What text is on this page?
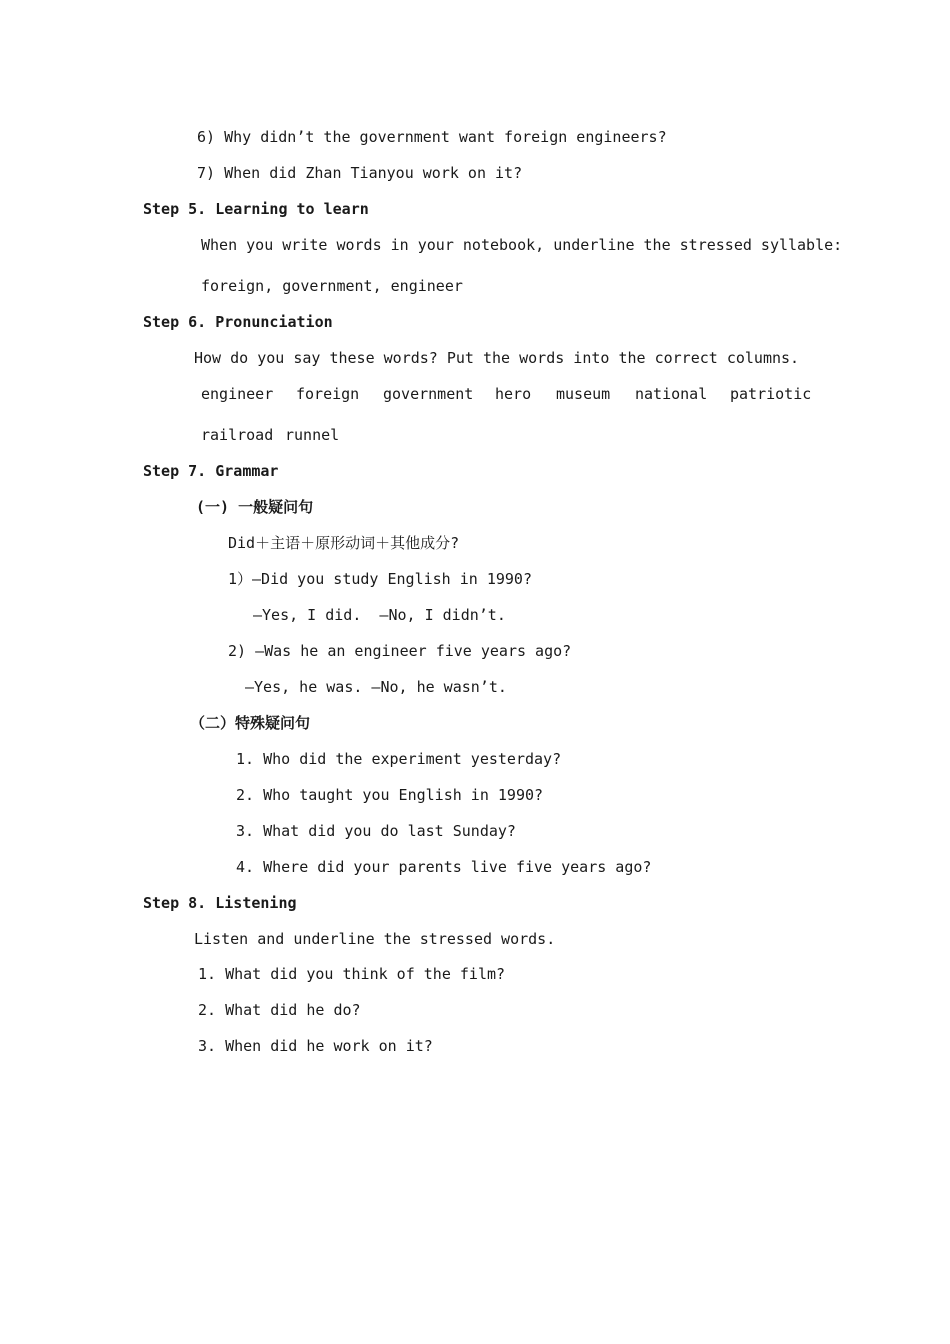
6) Why didn’t the government want foreign engineers?
7) When did Zhan Tianyou work on it?
Step 5. Learning to learn
When you write words in your notebook, underline the stressed syllable:
foreign, government, engineer
Step 6. Pronunciation
How do you say these words? Put the words into the correct columns.
engineer foreign government hero museum national patriotic
railroad runnel
Step 7. Grammar
(一) 一般疑问句
Did＋主语＋原形动词＋其他成分?
1）—Did you study English in 1990?
—Yes, I did.  —No, I didn’t.
2) —Was he an engineer five years ago?
—Yes, he was. —No, he wasn’t.
（二）特殊疑问句
1. Who did the experiment yesterday?
2. Who taught you English in 1990?
3. What did you do last Sunday?
4. Where did your parents live five years ago?
Step 8. Listening
Listen and underline the stressed words.
1. What did you think of the film?
2. What did he do?
3. When did he work on it?
